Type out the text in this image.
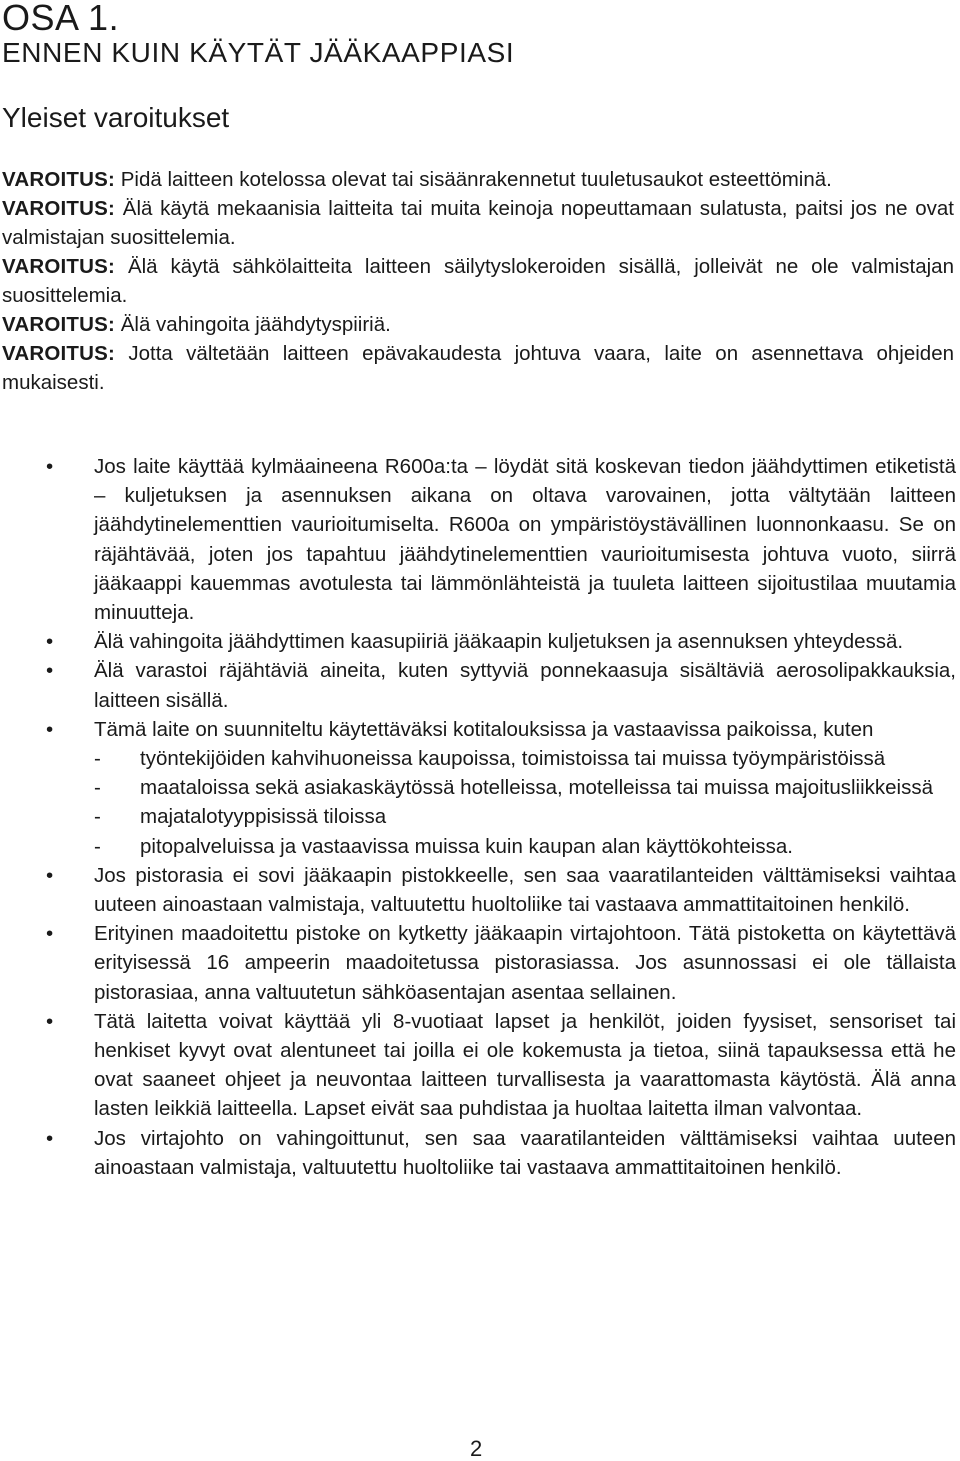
OSA 1.
ENNEN KUIN KÄYTÄT JÄÄKAAPPIASI
Yleiset varoitukset

VAROITUS: Pidä laitteen kotelossa olevat tai sisäänrakennetut tuuletusaukot esteettöminä.

VAROITUS: Älä käytä mekaanisia laitteita tai muita keinoja nopeuttamaan sulatusta, paitsi jos ne ovat valmistajan suosittelemia.

VAROITUS: Älä käytä sähkölaitteita laitteen säilytyslokeroiden sisällä, jolleivät ne ole valmistajan suosittelemia.

VAROITUS: Älä vahingoita jäähdytyspiiriä.

VAROITUS: Jotta vältetään laitteen epävakaudesta johtuva vaara, laite on asennettava ohjeiden mukaisesti.

• Jos laite käyttää kylmäaineena R600a:ta – löydät sitä koskevan tiedon jäähdyttimen etiketistä – kuljetuksen ja asennuksen aikana on oltava varovainen, jotta vältytään laitteen jäähdytinelementtien vaurioitumiselta. R600a on ympäristöystävällinen luonnonkaasu. Se on räjähtävää, joten jos tapahtuu jäähdytinelementtien vaurioitumisesta johtuva vuoto, siirrä jääkaappi kauemmas avotulesta tai lämmönlähteistä ja tuuleta laitteen sijoitustilaa muutamia minuutteja.
• Älä vahingoita jäähdyttimen kaasupiiriä jääkaapin kuljetuksen ja asennuksen yhteydessä.
• Älä varastoi räjähtäviä aineita, kuten syttyviä ponnekaasuja sisältäviä aerosolipakkauksia, laitteen sisällä.
• Tämä laite on suunniteltu käytettäväksi kotitalouksissa ja vastaavissa paikoissa, kuten
- työntekijöiden kahvihuoneissa kaupoissa, toimistoissa tai muissa työympäristöissä
- maataloissa sekä asiakaskäytössä hotelleissa, motelleissa tai muissa majoitusliikkeissä
- majatalotyyppisissä tiloissa
- pitopalveluissa ja vastaavissa muissa kuin kaupan alan käyttökohteissa.
• Jos pistorasia ei sovi jääkaapin pistokkeelle, sen saa vaaratilanteiden välttämiseksi vaihtaa uuteen ainoastaan valmistaja, valtuutettu huoltoliike tai vastaava ammattitaitoinen henkilö.
• Erityinen maadoitettu pistoke on kytketty jääkaapin virtajohtoon. Tätä pistoketta on käytettävä erityisessä 16 ampeerin maadoitetussa pistorasiassa. Jos asunnossasi ei ole tällaista pistorasiaa, anna valtuutetun sähköasentajan asentaa sellainen.
• Tätä laitetta voivat käyttää yli 8-vuotiaat lapset ja henkilöt, joiden fyysiset, sensoriset tai henkiset kyvyt ovat alentuneet tai joilla ei ole kokemusta ja tietoa, siinä tapauksessa että he ovat saaneet ohjeet ja neuvontaa laitteen turvallisesta ja vaarattomasta käytöstä. Älä anna lasten leikkiä laitteella. Lapset eivät saa puhdistaa ja huoltaa laitetta ilman valvontaa.
• Jos virtajohto on vahingoittunut, sen saa vaaratilanteiden välttämiseksi vaihtaa uuteen ainoastaan valmistaja, valtuutettu huoltoliike tai vastaava ammattitaitoinen henkilö.
2
